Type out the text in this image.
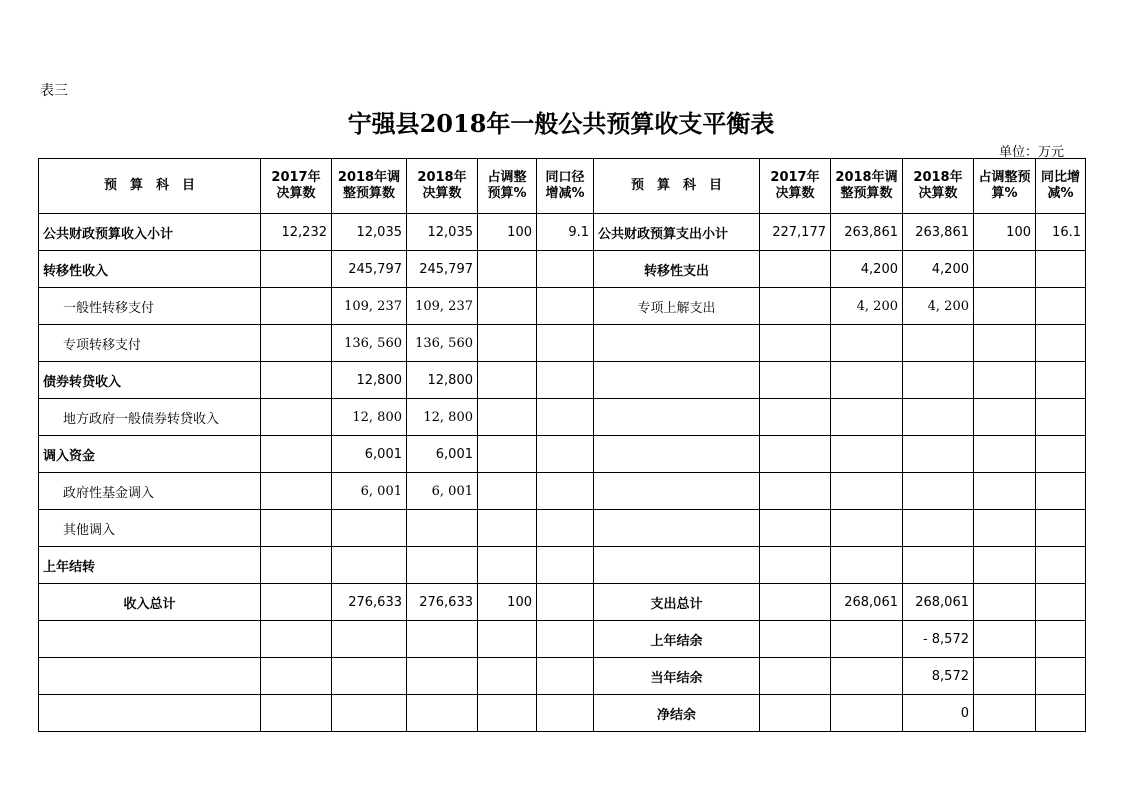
表三
宁强县2018年一般公共预算收支平衡表
单位：万元
预　算　科　目	2017年决算数	2018年调整预算数	2018年决算数	占调整预算%	同口径增减%	预　算　科　目	2017年决算数	2018年调整预算数	2018年决算数	占调整预算%	同比增减%
公共财政预算收入小计	12,232	12,035	12,035	100	9.1	公共财政预算支出小计	227,177	263,861	263,861	100	16.1
转移性收入		245,797	245,797			转移性支出		4,200	4,200		
一般性转移支付		109, 237	109, 237			专项上解支出		4, 200	4, 200		
专项转移支付		136, 560	136, 560								
债券转贷收入		12,800	12,800								
地方政府一般债券转贷收入		12, 800	12, 800								
调入资金		6,001	6,001								
政府性基金调入		6, 001	6, 001								
其他调入											
上年结转											
收入总计		276,633	276,633	100		支出总计		268,061	268,061		
						上年结余			- 8,572		
						当年结余			8,572		
						净结余			0		
